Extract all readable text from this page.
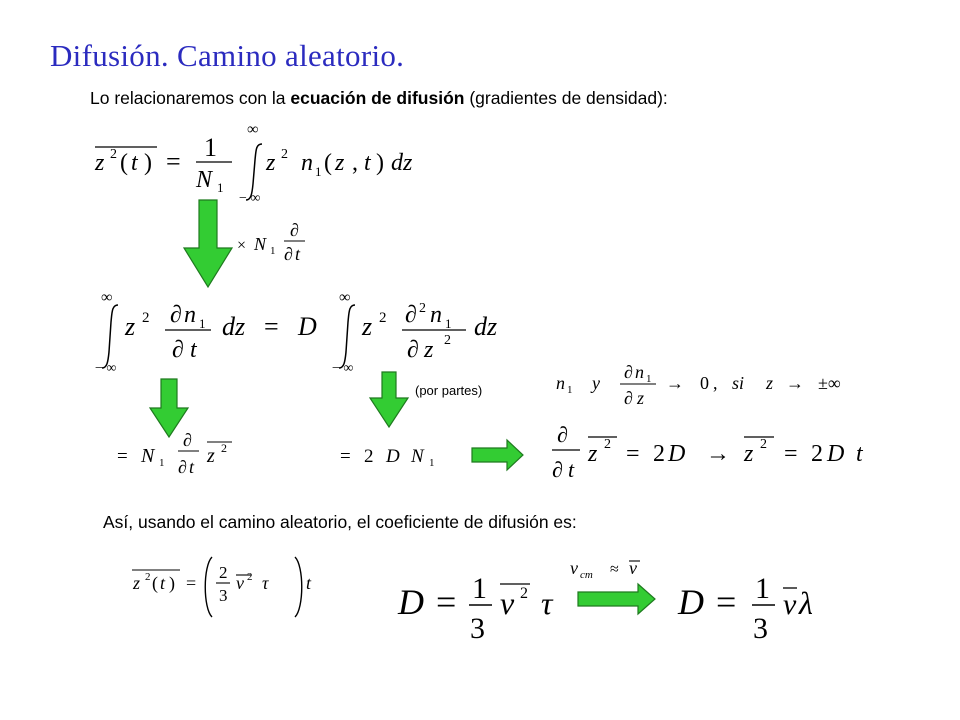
Difusión. Camino aleatorio.
Lo relacionaremos con la ecuación de difusión (gradientes de densidad):
z 2 ( t ) = 1
N 1
∞
− ∞
z 2 n 1 ( z , t ) dz
× N 1
∂
∂ t
∞
− ∞
z 2 ∂ n 1
∂ t
dz = D
∞
− ∞
z 2 ∂ 2 n 1
∂ z 2 dz
n 1 y
∂ n 1
∂ z
→ 0 , si z → ±∞
= N 1
∂
∂ t z 2	= 2 D N 1
∂
∂ t
z 2 = 2 D → z 2 = 2 D t
z 2 ( t ) =
2
3
v 2 τ t D = 1
3
v 2 τ
v cm ≈ v
D = 1
3
v λ
(por partes)
Así, usando el camino aleatorio, el coeficiente de difusión es:
